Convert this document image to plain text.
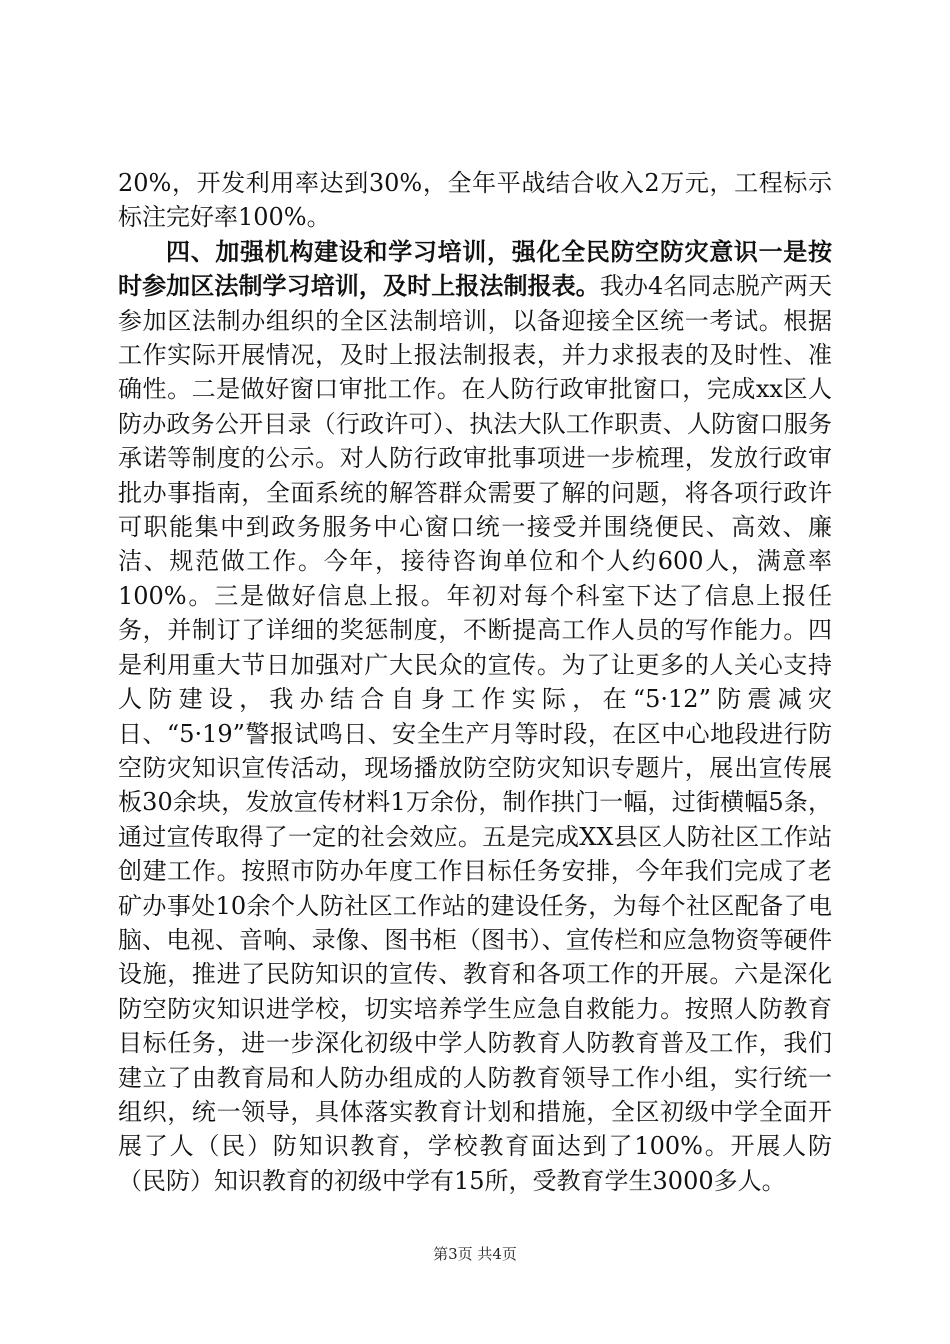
20%，开发利用率达到30%，全年平战结合收入2万元，工程标示标注完好率100%。

四、加强机构建设和学习培训，强化全民防空防灾意识一是按时参加区法制学习培训，及时上报法制报表。我办4名同志脱产两天参加区法制办组织的全区法制培训，以备迎接全区统一考试。根据工作实际开展情况，及时上报法制报表，并力求报表的及时性、准确性。二是做好窗口审批工作。在人防行政审批窗口，完成xx区人防办政务公开目录（行政许可）、执法大队工作职责、人防窗口服务承诺等制度的公示。对人防行政审批事项进一步梳理，发放行政审批办事指南，全面系统的解答群众需要了解的问题，将各项行政许可职能集中到政务服务中心窗口统一接受并围绕便民、高效、廉洁、规范做工作。今年，接待咨询单位和个人约600人，满意率100%。三是做好信息上报。年初对每个科室下达了信息上报任务，并制订了详细的奖惩制度，不断提高工作人员的写作能力。四是利用重大节日加强对广大民众的宣传。为了让更多的人关心支持人防建设，我办结合自身工作实际，在“5·12”防震减灾日、“5·19”警报试鸣日、安全生产月等时段，在区中心地段进行防空防灾知识宣传活动，现场播放防空防灾知识专题片，展出宣传展板30余块，发放宣传材料1万余份，制作拱门一幅，过街横幅5条，通过宣传取得了一定的社会效应。五是完成XX县区人防社区工作站创建工作。按照市防办年度工作目标任务安排，今年我们完成了老矿办事处10余个人防社区工作站的建设任务，为每个社区配备了电脑、电视、音响、录像、图书柜（图书）、宣传栏和应急物资等硬件设施，推进了民防知识的宣传、教育和各项工作的开展。六是深化防空防灾知识进学校，切实培养学生应急自救能力。按照人防教育目标任务，进一步深化初级中学人防教育人防教育普及工作，我们建立了由教育局和人防办组成的人防教育领导工作小组，实行统一组织，统一领导，具体落实教育计划和措施，全区初级中学全面开展了人（民）防知识教育，学校教育面达到了100%。开展人防（民防）知识教育的初级中学有15所，受教育学生3000多人。

第3页 共4页
